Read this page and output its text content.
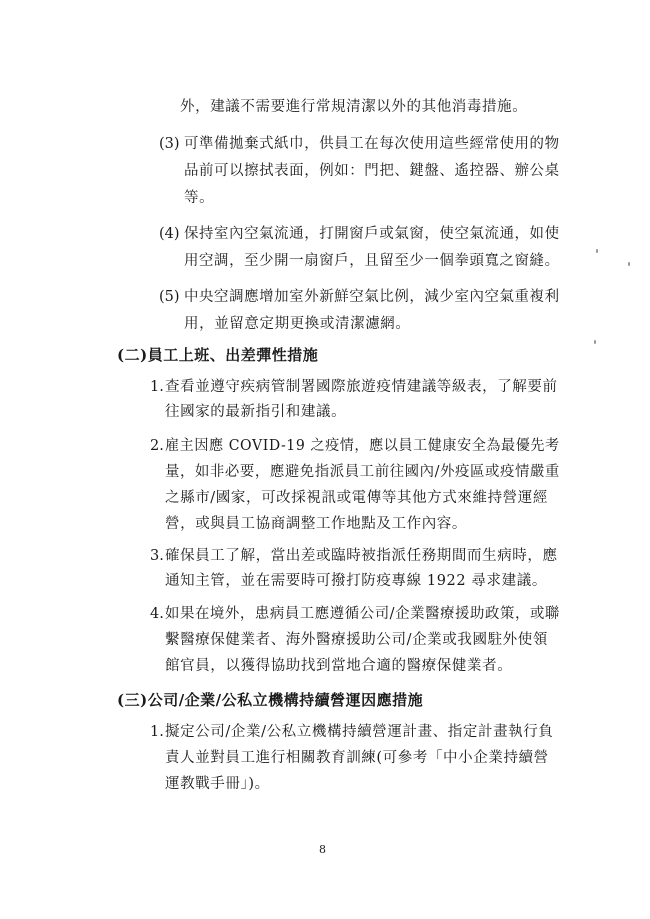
外，建議不需要進行常規清潔以外的其他消毒措施。
(3) 可準備拋棄式紙巾，供員工在每次使用這些經常使用的物
品前可以擦拭表面，例如：門把、鍵盤、遙控器、辦公桌
等。
(4) 保持室內空氣流通，打開窗戶或氣窗，使空氣流通，如使
用空調，至少開一扇窗戶，且留至少一個拳頭寬之窗縫。
(5) 中央空調應增加室外新鮮空氣比例，減少室內空氣重複利
用，並留意定期更換或清潔濾網。
(二)員工上班、出差彈性措施
1. 查看並遵守疾病管制署國際旅遊疫情建議等級表，了解要前
往國家的最新指引和建議。
2. 雇主因應 COVID-19 之疫情，應以員工健康安全為最優先考
量，如非必要，應避免指派員工前往國內/外疫區或疫情嚴重
之縣市/國家，可改採視訊或電傳等其他方式來維持營運經
營，或與員工協商調整工作地點及工作內容。
3. 確保員工了解，當出差或臨時被指派任務期間而生病時，應
通知主管，並在需要時可撥打防疫專線 1922 尋求建議。
4. 如果在境外，患病員工應遵循公司/企業醫療援助政策，或聯
繫醫療保健業者、海外醫療援助公司/企業或我國駐外使領
館官員，以獲得協助找到當地合適的醫療保健業者。
(三)公司/企業/公私立機構持續營運因應措施
1. 擬定公司/企業/公私立機構持續營運計畫、指定計畫執行負
責人並對員工進行相關教育訓練(可參考「中小企業持續營
運教戰手冊」)。
8
